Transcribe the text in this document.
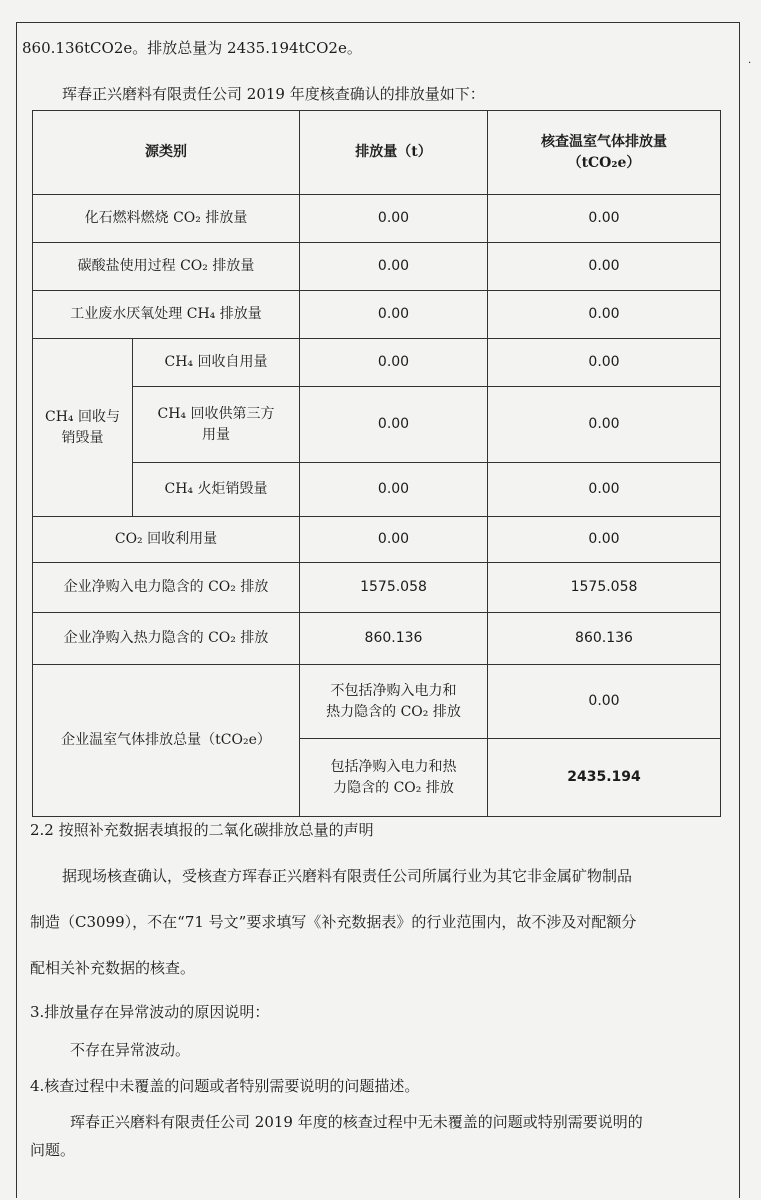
·
860.136tCO2e。排放总量为 2435.194tCO2e。
珲春正兴磨料有限责任公司 2019 年度核查确认的排放量如下：
源类别		排放量（t）	核查温室气体排放量
（tCO₂e）

化石燃料燃烧 CO₂ 排放量		0.00	0.00
碳酸盐使用过程 CO₂ 排放量		0.00	0.00
工业废水厌氧处理 CH₄ 排放量		0.00	0.00

CH₄ 回收与
销毁量	CH₄ 回收自用量	0.00	0.00

	CH₄ 回收供第三方
用量	0.00	0.00
	CH₄ 火炬销毁量	0.00	0.00
CO₂ 回收利用量		0.00	0.00
企业净购入电力隐含的 CO₂ 排放		1575.058	1575.058
企业净购入热力隐含的 CO₂ 排放		860.136	860.136
企业温室气体排放总量（tCO₂e）		不包括净购入电力和
热力隐含的 CO₂ 排放	0.00

		包括净购入电力和热
力隐含的 CO₂ 排放	2435.194
2.2 按照补充数据表填报的二氧化碳排放总量的声明
据现场核查确认，受核查方珲春正兴磨料有限责任公司所属行业为其它非金属矿物制品
制造（C3099），不在“71 号文”要求填写《补充数据表》的行业范围内，故不涉及对配额分
配相关补充数据的核查。
3.排放量存在异常波动的原因说明：
不存在异常波动。
4.核查过程中未覆盖的问题或者特别需要说明的问题描述。
珲春正兴磨料有限责任公司 2019 年度的核查过程中无未覆盖的问题或特别需要说明的
问题。
